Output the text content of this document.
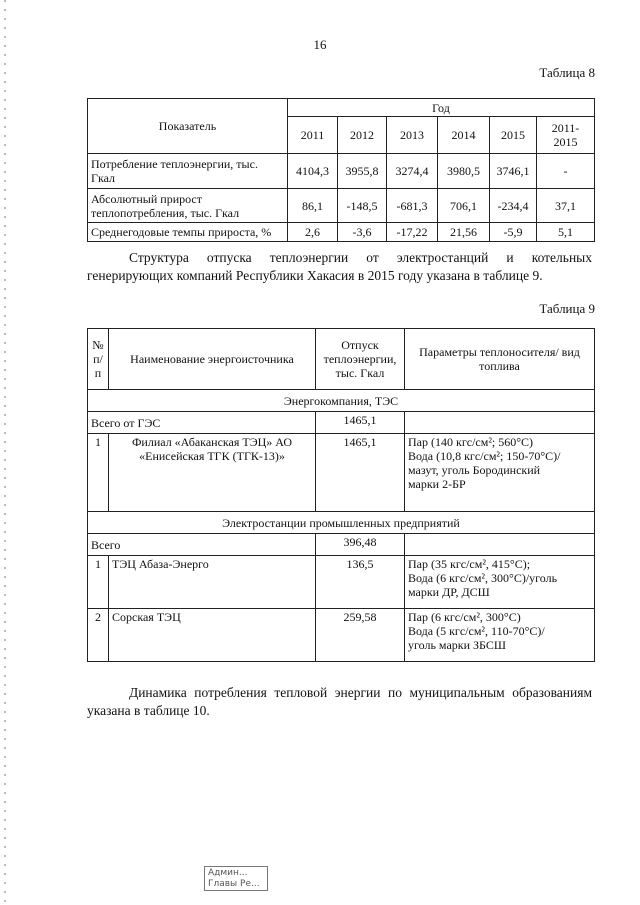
16
Таблица 8
Показатель	Год					
	2011	2012	2013	2014	2015	2011-
2015
Потребление теплоэнергии, тыс. Гкал	4104,3	3955,8	3274,4	3980,5	3746,1	-
Абсолютный прирост теплопотребления, тыс. Гкал	86,1	-148,5	-681,3	706,1	-234,4	37,1
Среднегодовые темпы прироста, %	2,6	-3,6	-17,22	21,56	-5,9	5,1
Структура отпуска теплоэнергии от электростанций и котельных генерирующих компаний Республики Хакасия в 2015 году указана в таблице 9.
Таблица 9
№ п/п	Наименование энергоисточника	Отпуск теплоэнергии, тыс. Гкал	Параметры теплоносителя/ вид топлива
Энергокомпания, ТЭС			
Всего от ГЭС		1465,1	
1	Филиал «Абаканская ТЭЦ» АО «Енисейская ТГК (ТГК-13)»	1465,1	Пар (140 кгс/см²; 560°С)
Вода (10,8 кгс/см²; 150-70°С)/
мазут, уголь Бородинский
марки 2-БР

Электростанции промышленных предприятий			
Всего		396,48	
1	ТЭЦ Абаза-Энерго	136,5	Пар (35 кгс/см², 415°С);
Вода (6 кгс/см², 300°С)/уголь
марки ДР, ДСШ

2	Сорская ТЭЦ	259,58	Пар (6 кгс/см², 300°С)
Вода (5 кгс/см², 110-70°С)/
уголь марки ЗБСШ
Динамика потребления тепловой энергии по муниципальным образованиям указана в таблице 10.
Админ...
Главы Ре...
